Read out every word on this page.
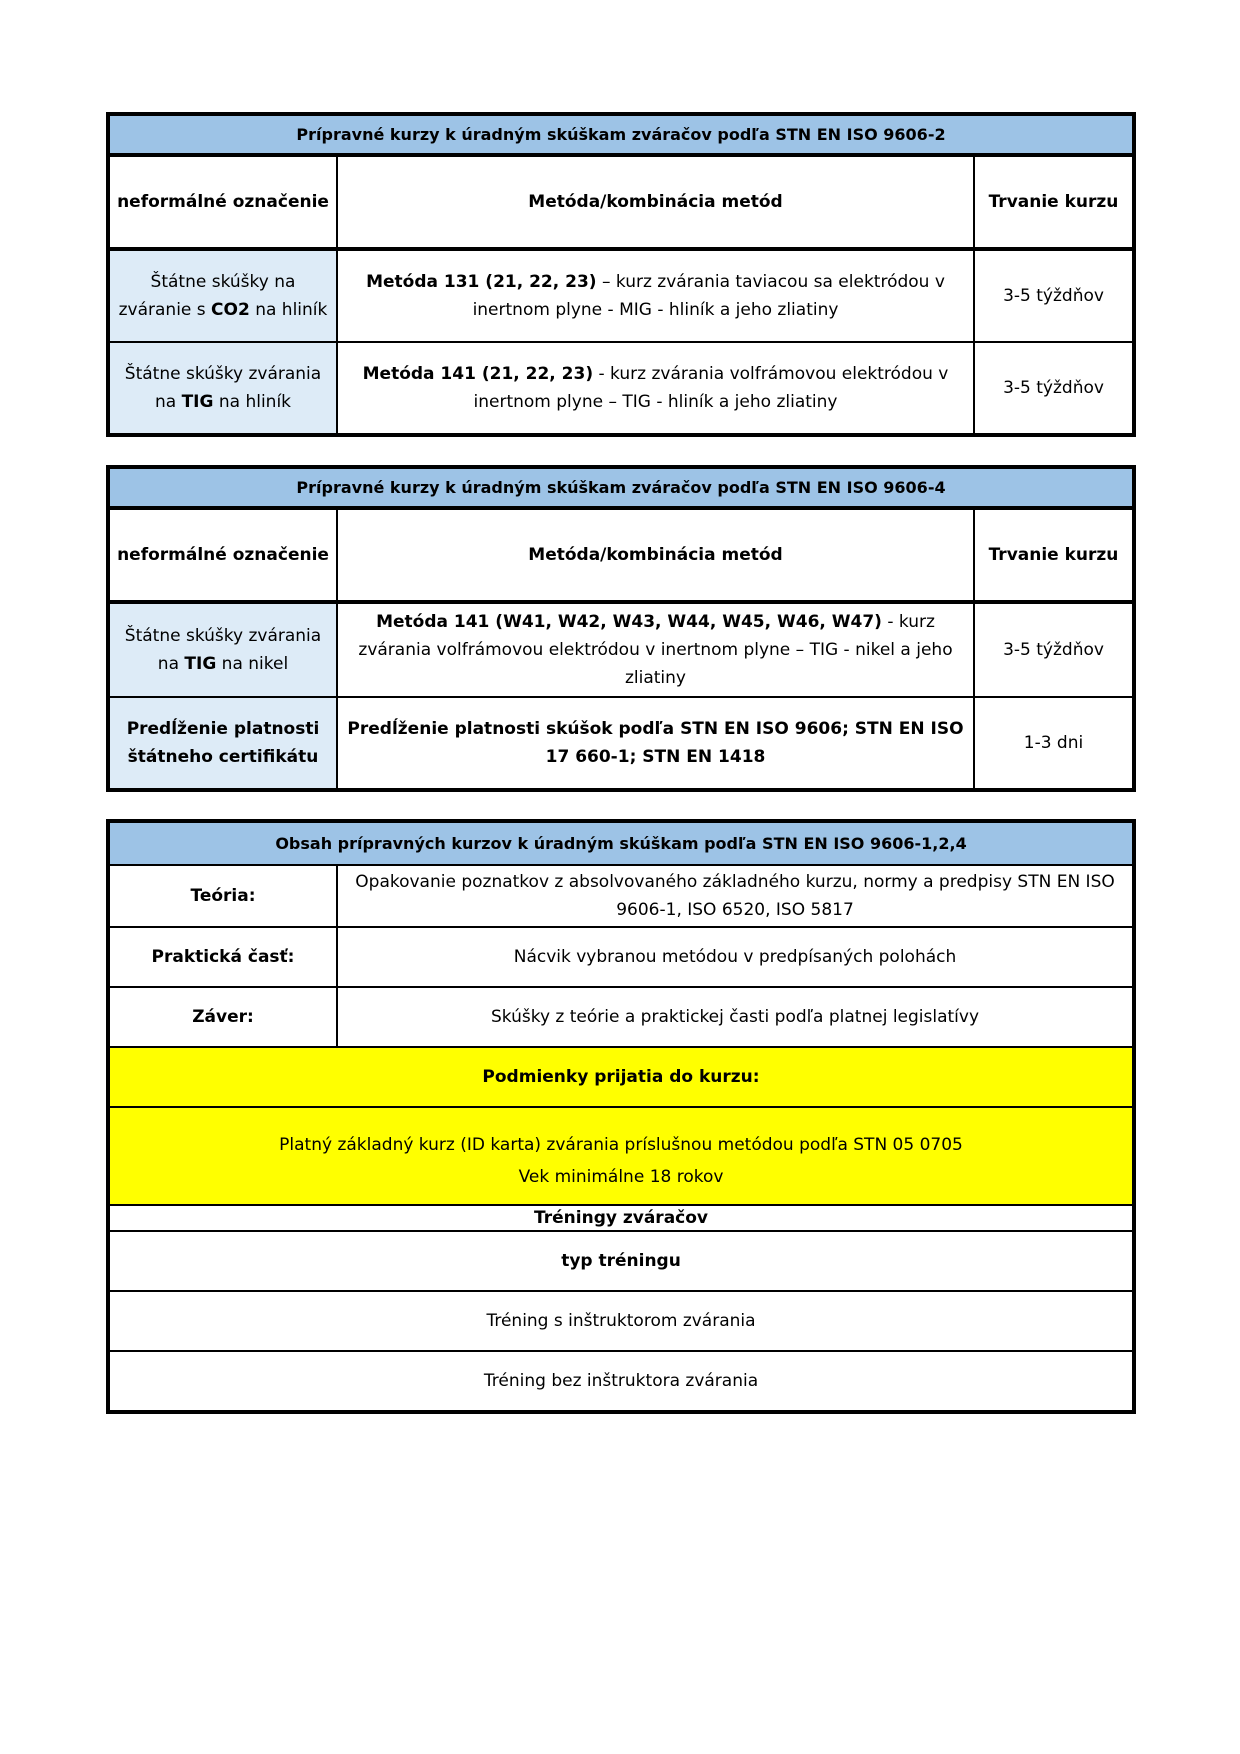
Prípravné kurzy k úradným skúškam zváračov podľa STN EN ISO 9606-2		
neformálné označenie	Metóda/kombinácia metód	Trvanie kurzu
Štátne skúšky na zváranie s CO2 na hliník	Metóda 131 (21, 22, 23) – kurz zvárania taviacou sa elektródou v inertnom plyne - MIG - hliník a jeho zliatiny	3-5 týždňov
Štátne skúšky zvárania na TIG na hliník	Metóda 141 (21, 22, 23) - kurz zvárania volfrámovou elektródou v inertnom plyne – TIG - hliník a jeho zliatiny	3-5 týždňov
Prípravné kurzy k úradným skúškam zváračov podľa STN EN ISO 9606-4		
neformálné označenie	Metóda/kombinácia metód	Trvanie kurzu
Štátne skúšky zvárania na TIG na nikel	Metóda 141 (W41, W42, W43, W44, W45, W46, W47) - kurz zvárania volfrámovou elektródou v inertnom plyne – TIG - nikel a jeho zliatiny	3-5 týždňov
Predĺženie platnosti štátneho certifikátu	Predĺženie platnosti skúšok podľa STN EN ISO 9606; STN EN ISO 17 660-1; STN EN 1418	1-3 dni
Obsah prípravných kurzov k úradným skúškam podľa STN EN ISO 9606-1,2,4	
Teória:	Opakovanie poznatkov z absolvovaného základného kurzu, normy a predpisy STN EN ISO 9606-1, ISO 6520, ISO 5817
Praktická časť:	Nácvik vybranou metódou v predpísaných polohách
Záver:	Skúšky z teórie a praktickej časti podľa platnej legislatívy
Podmienky prijatia do kurzu:	

Platný základný kurz (ID karta) zvárania príslušnou metódou podľa STN 05 0705
Vek minimálne 18 rokov	

Tréningy zváračov	
typ tréningu	
Tréning s inštruktorom zvárania	
Tréning bez inštruktora zvárania	
